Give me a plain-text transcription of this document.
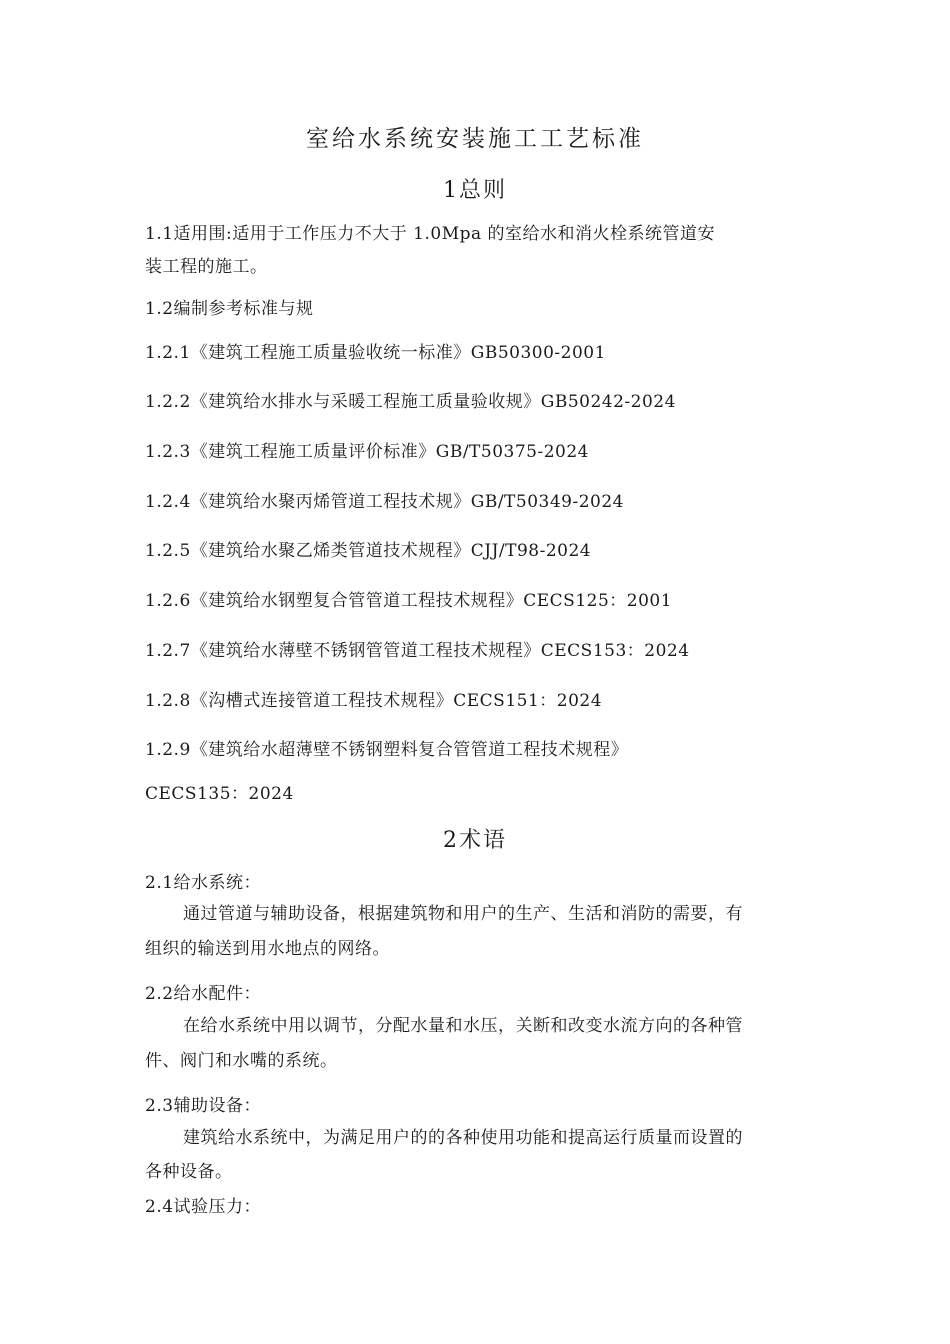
室给水系统安装施工工艺标准
1总则
1.1适用围:适用于工作压力不大于 1.0Mpa 的室给水和消火栓系统管道安
装工程的施工。
1.2编制参考标准与规
1.2.1《建筑工程施工质量验收统一标准》GB50300-2001
1.2.2《建筑给水排水与采暖工程施工质量验收规》GB50242-2024
1.2.3《建筑工程施工质量评价标准》GB/T50375-2024
1.2.4《建筑给水聚丙烯管道工程技术规》GB/T50349-2024
1.2.5《建筑给水聚乙烯类管道技术规程》CJJ/T98-2024
1.2.6《建筑给水钢塑复合管管道工程技术规程》CECS125：2001
1.2.7《建筑给水薄壁不锈钢管管道工程技术规程》CECS153：2024
1.2.8《沟槽式连接管道工程技术规程》CECS151：2024
1.2.9《建筑给水超薄壁不锈钢塑料复合管管道工程技术规程》
CECS135：2024
2术语
2.1给水系统：
通过管道与辅助设备，根据建筑物和用户的生产、生活和消防的需要，有
组织的输送到用水地点的网络。
2.2给水配件：
在给水系统中用以调节，分配水量和水压，关断和改变水流方向的各种管
件、阀门和水嘴的系统。
2.3辅助设备：
建筑给水系统中，为满足用户的的各种使用功能和提高运行质量而设置的
各种设备。
2.4试验压力：
